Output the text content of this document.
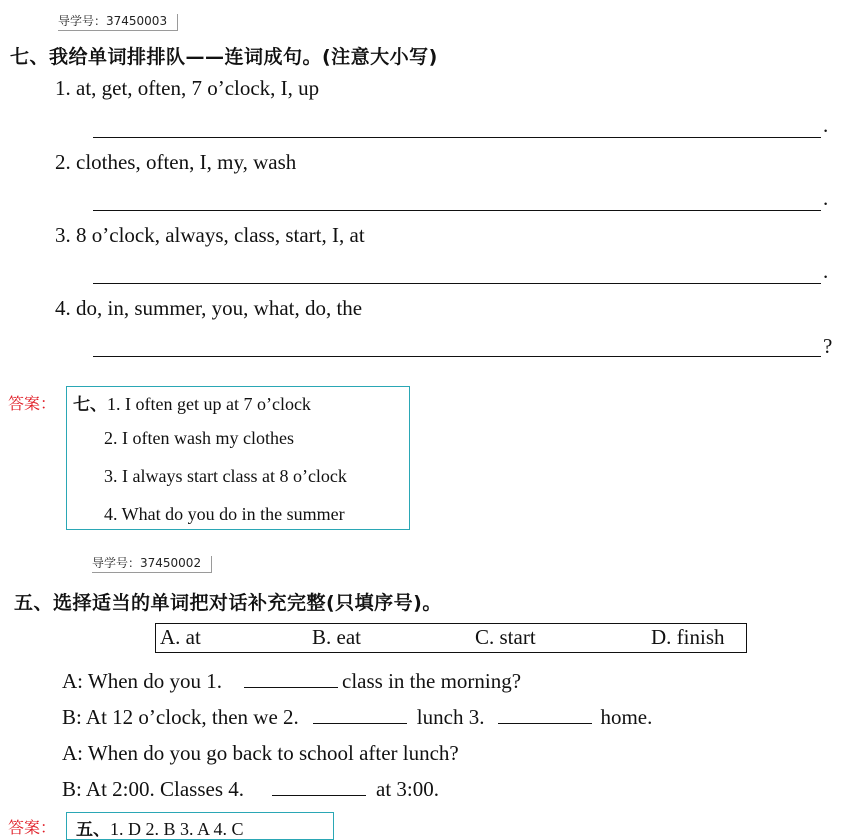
导学号：37450003
七、我给单词排排队——连词成句。(注意大小写)
1. at, get, often, 7 o’clock, I, up
.
2. clothes, often, I, my, wash
.
3. 8 o’clock, always, class, start, I, at
.
4. do, in, summer, you, what, do, the
?
答案： 七、1. I often get up at 7 o’clock
2. I often wash my clothes
3. I always start class at 8 o’clock
4. What do you do in the summer
导学号：37450002
五、选择适当的单词把对话补充完整(只填序号)。
A. at	B. eat	C. start	D. finish
A: When do you 1.	class in the morning?
B: At 12 o’clock, then we 2.	lunch 3.	home.
A: When do you go back to school after lunch?
B: At 2:00. Classes 4.	at 3:00.
答案： 五、1. D 2. B 3. A 4. C
